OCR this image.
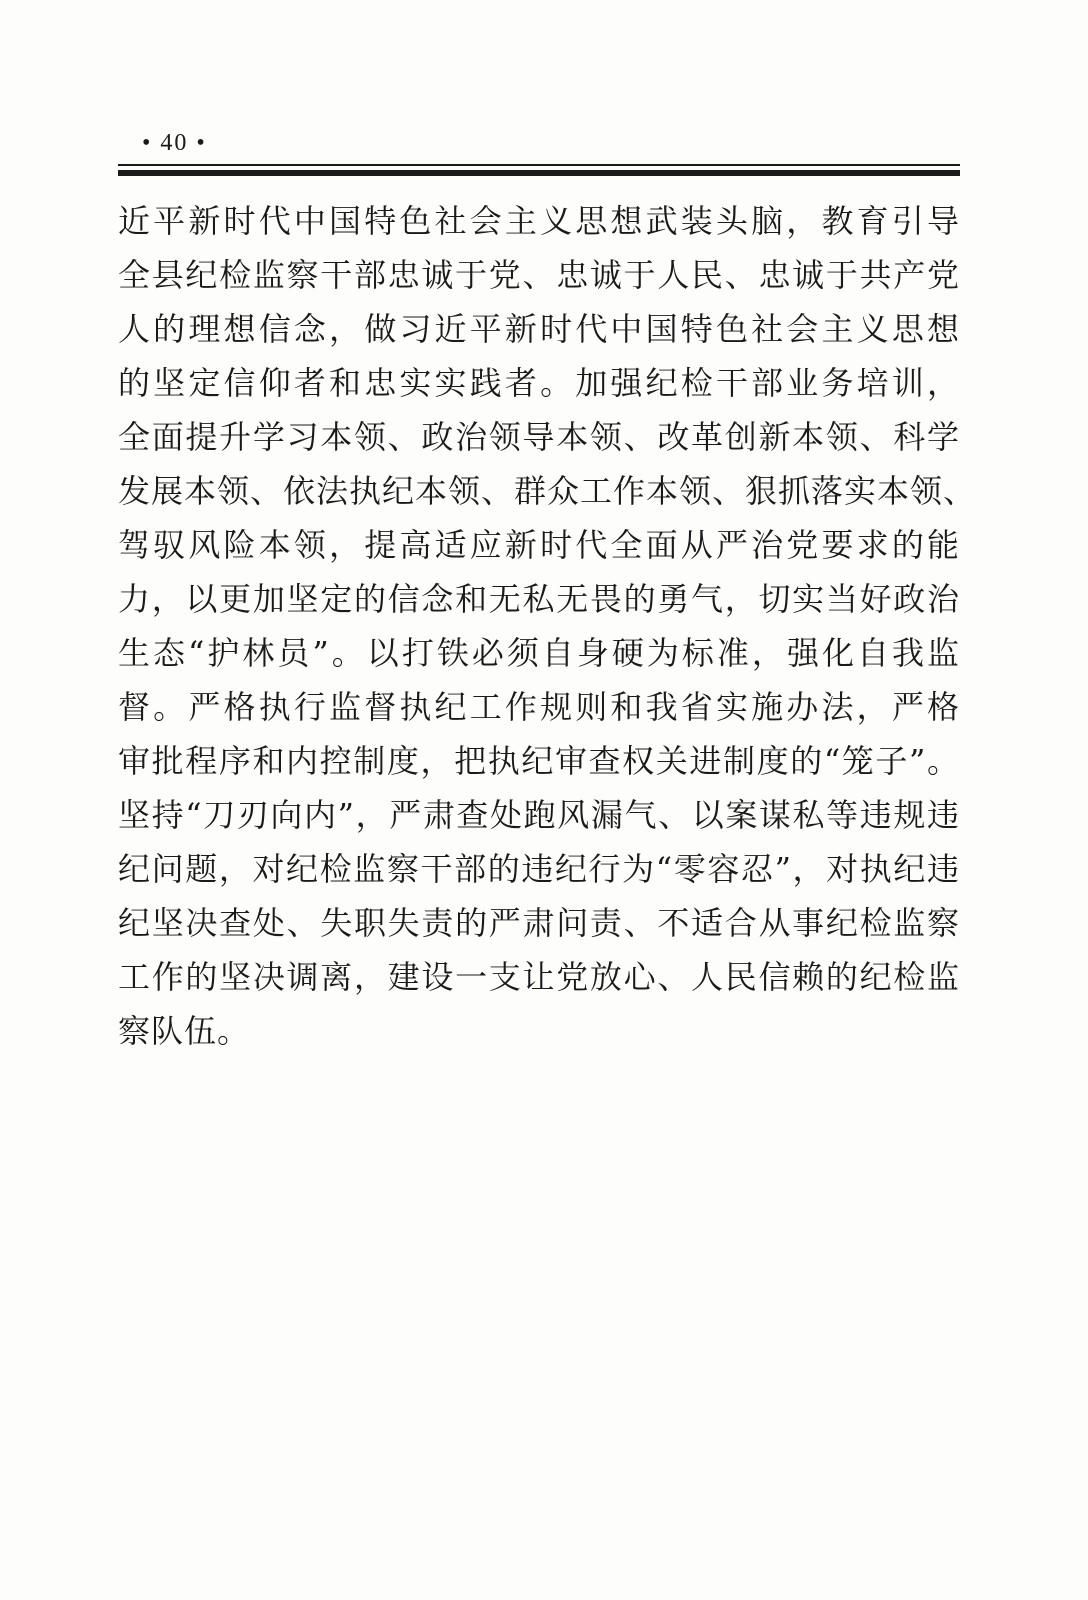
• 40 •
近平新时代中国特色社会主义思想武装头脑，教育引导
全县纪检监察干部忠诚于党、忠诚于人民、忠诚于共产党
人的理想信念，做习近平新时代中国特色社会主义思想
的坚定信仰者和忠实实践者。加强纪检干部业务培训，
全面提升学习本领、政治领导本领、改革创新本领、科学
发展本领、依法执纪本领、群众工作本领、狠抓落实本领、
驾驭风险本领，提高适应新时代全面从严治党要求的能
力，以更加坚定的信念和无私无畏的勇气，切实当好政治
生态“护林员”。以打铁必须自身硬为标准，强化自我监
督。严格执行监督执纪工作规则和我省实施办法，严格
审批程序和内控制度，把执纪审查权关进制度的“笼子”。
坚持“刀刃向内”，严肃查处跑风漏气、以案谋私等违规违
纪问题，对纪检监察干部的违纪行为“零容忍”，对执纪违
纪坚决查处、失职失责的严肃问责、不适合从事纪检监察
工作的坚决调离，建设一支让党放心、人民信赖的纪检监
察队伍。
